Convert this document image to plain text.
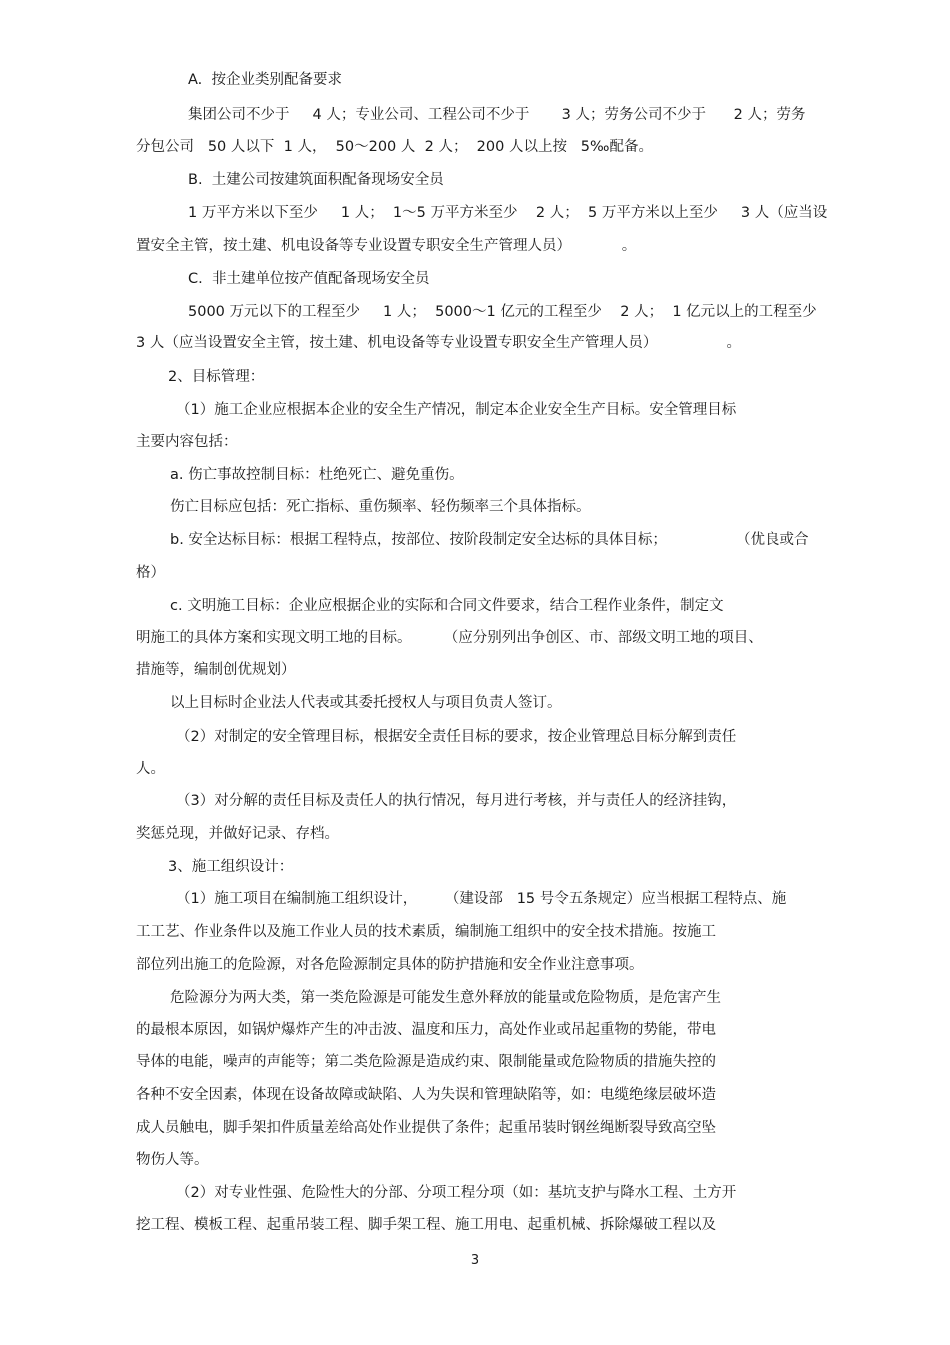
A.  按企业类别配备要求
集团公司不少于     4 人；专业公司、工程公司不少于       3 人；劳务公司不少于      2 人；劳务
分包公司   50 人以下  1 人，  50～200 人  2 人；  200 人以上按   5‰配备。
B.  土建公司按建筑面积配备现场安全员
1 万平方米以下至少     1 人；  1～5 万平方米至少    2 人；  5 万平方米以上至少     3 人（应当设
置安全主管，按土建、机电设备等专业设置专职安全生产管理人员）           。
C.  非土建单位按产值配备现场安全员
5000 万元以下的工程至少     1 人；  5000～1 亿元的工程至少    2 人；  1 亿元以上的工程至少
3 人（应当设置安全主管，按土建、机电设备等专业设置专职安全生产管理人员）               。
2、目标管理：
（1）施工企业应根据本企业的安全生产情况，制定本企业安全生产目标。安全管理目标
主要内容包括：
a. 伤亡事故控制目标：杜绝死亡、避免重伤。
伤亡目标应包括：死亡指标、重伤频率、轻伤频率三个具体指标。
b. 安全达标目标：根据工程特点，按部位、按阶段制定安全达标的具体目标；               （优良或合
格）
c. 文明施工目标：企业应根据企业的实际和合同文件要求，结合工程作业条件，制定文
明施工的具体方案和实现文明工地的目标。       （应分别列出争创区、市、部级文明工地的项目、
措施等，编制创优规划）
以上目标时企业法人代表或其委托授权人与项目负责人签订。
（2）对制定的安全管理目标，根据安全责任目标的要求，按企业管理总目标分解到责任
人。
（3）对分解的责任目标及责任人的执行情况，每月进行考核，并与责任人的经济挂钩，
奖惩兑现，并做好记录、存档。
3、施工组织设计：
（1）施工项目在编制施工组织设计，      （建设部   15 号令五条规定）应当根据工程特点、施
工工艺、作业条件以及施工作业人员的技术素质，编制施工组织中的安全技术措施。按施工
部位列出施工的危险源，对各危险源制定具体的防护措施和安全作业注意事项。
危险源分为两大类，第一类危险源是可能发生意外释放的能量或危险物质，是危害产生
的最根本原因，如锅炉爆炸产生的冲击波、温度和压力，高处作业或吊起重物的势能，带电
导体的电能，噪声的声能等；第二类危险源是造成约束、限制能量或危险物质的措施失控的
各种不安全因素，体现在设备故障或缺陷、人为失误和管理缺陷等，如：电缆绝缘层破坏造
成人员触电，脚手架扣件质量差给高处作业提供了条件；起重吊装时钢丝绳断裂导致高空坠
物伤人等。
（2）对专业性强、危险性大的分部、分项工程分项（如：基坑支护与降水工程、土方开
挖工程、模板工程、起重吊装工程、脚手架工程、施工用电、起重机械、拆除爆破工程以及
3
